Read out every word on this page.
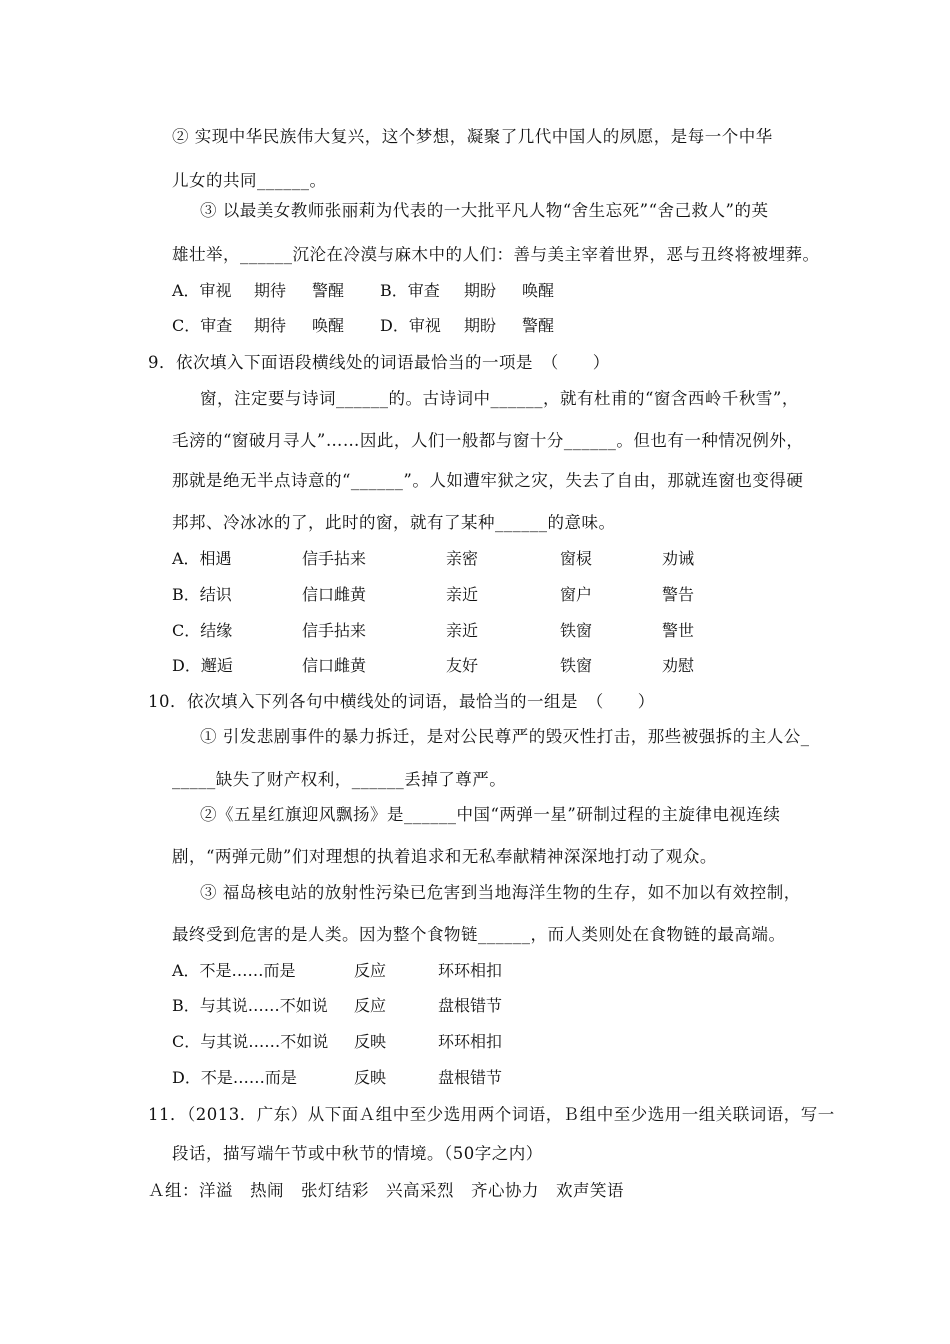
② 实现中华民族伟大复兴，这个梦想，凝聚了几代中国人的夙愿，是每一个中华
儿女的共同______。
③ 以最美女教师张丽莉为代表的一大批平凡人物“舍生忘死”“舍己救人”的英
雄壮举，______沉沦在冷漠与麻木中的人们：善与美主宰着世界，恶与丑终将被埋葬。
A．审视 期待 警醒 B．审查 期盼 唤醒
C．审查 期待 唤醒 D．审视 期盼 警醒
9．依次填入下面语段横线处的词语最恰当的一项是　（　　）
窗，注定要与诗词______的。古诗词中______，就有杜甫的“窗含西岭千秋雪”，
毛滂的“窗破月寻人”……因此，人们一般都与窗十分______。但也有一种情况例外，
那就是绝无半点诗意的“______”。人如遭牢狱之灾，失去了自由，那就连窗也变得硬
邦邦、冷冰冰的了，此时的窗，就有了某种______的意味。
A．相遇	信手拈来	亲密	窗棂	劝诫
B．结识	信口雌黄	亲近	窗户	警告
C．结缘	信手拈来	亲近	铁窗	警世
D．邂逅	信口雌黄	友好	铁窗	劝慰
10．依次填入下列各句中横线处的词语，最恰当的一组是　（　　）
① 引发悲剧事件的暴力拆迁，是对公民尊严的毁灭性打击，那些被强拆的主人公_
_____缺失了财产权利，______丢掉了尊严。
②《五星红旗迎风飘扬》是______中国“两弹一星”研制过程的主旋律电视连续
剧，“两弹元勋”们对理想的执着追求和无私奉献精神深深地打动了观众。
③ 福岛核电站的放射性污染已危害到当地海洋生物的生存，如不加以有效控制，
最终受到危害的是人类。因为整个食物链______，而人类则处在食物链的最高端。
A．不是……而是	反应	环环相扣
B．与其说……不如说 反应	盘根错节
C．与其说……不如说 反映	环环相扣
D．不是……而是	反映	盘根错节
11．（2013．广东）从下面Ａ组中至少选用两个词语，Ｂ组中至少选用一组关联词语，写一
段话，描写端午节或中秋节的情境。（50字之内）
Ａ组：洋溢　热闹　张灯结彩　兴高采烈　齐心协力　欢声笑语
